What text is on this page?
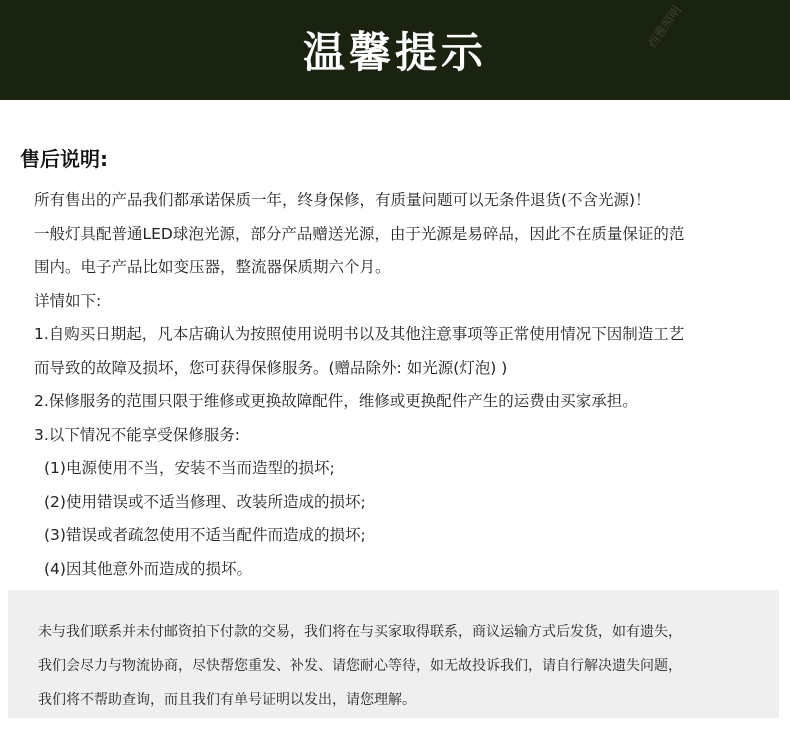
温馨提示
西雅照明
售后说明:

所有售出的产品我们都承诺保质一年，终身保修，有质量问题可以无条件退货(不含光源)！

一般灯具配普通LED球泡光源，部分产品赠送光源，由于光源是易碎品，因此不在质量保证的范

围内。电子产品比如变压器，整流器保质期六个月。

详情如下:

1.自购买日期起，凡本店确认为按照使用说明书以及其他注意事项等正常使用情况下因制造工艺

而导致的故障及损坏，您可获得保修服务。(赠品除外: 如光源(灯泡) )

2.保修服务的范围只限于维修或更换故障配件，维修或更换配件产生的运费由买家承担。

3.以下情况不能享受保修服务:

(1)电源使用不当，安装不当而造型的损坏;

(2)使用错误或不适当修理、改装所造成的损坏;

(3)错误或者疏忽使用不适当配件而造成的损坏;

(4)因其他意外而造成的损坏。

未与我们联系并未付邮资拍下付款的交易，我们将在与买家取得联系，商议运输方式后发货，如有遗失，

我们会尽力与物流协商，尽快帮您重发、补发、请您耐心等待，如无故投诉我们，请自行解决遗失问题，

我们将不帮助查询，而且我们有单号证明以发出，请您理解。
